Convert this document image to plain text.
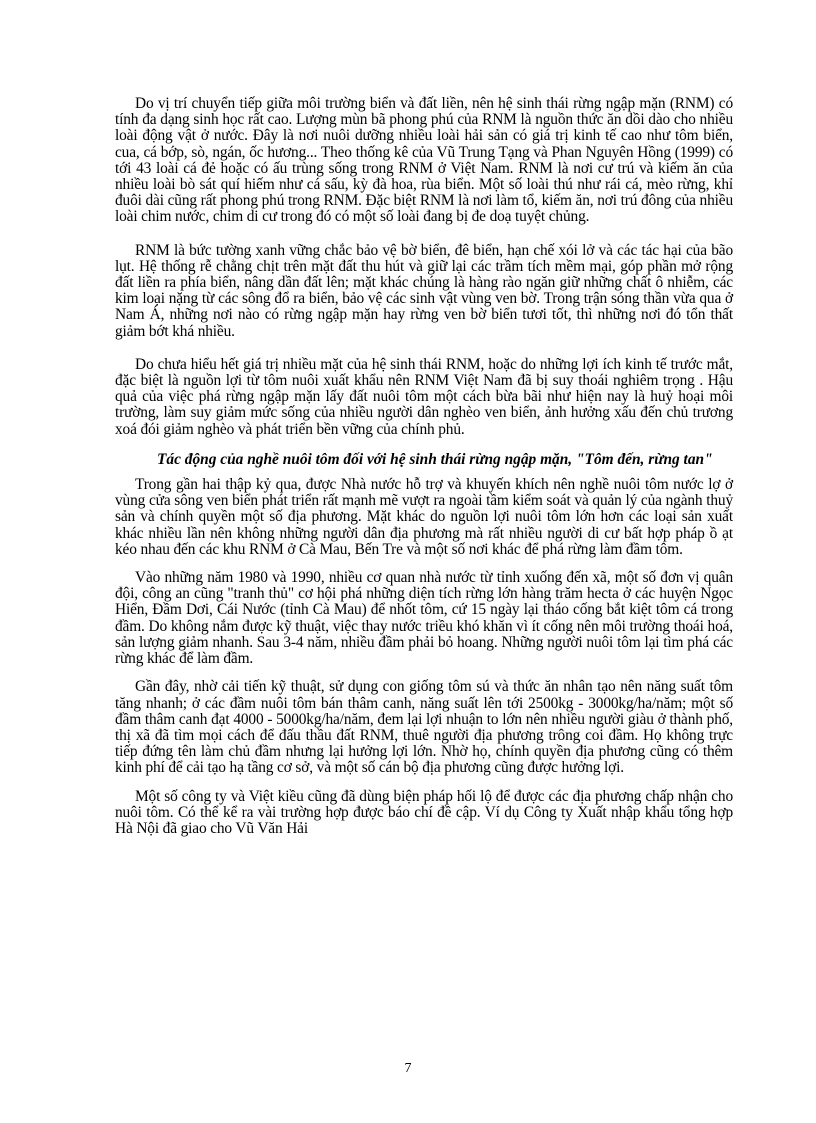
Do vị trí chuyển tiếp giữa môi trường biển và đất liền, nên hệ sinh thái rừng ngập mặn (RNM) có tính đa dạng sinh học rất cao. Lượng mùn bã phong phú của RNM là nguồn thức ăn dồi dào cho nhiều loài động vật ở nước. Đây là nơi nuôi dưỡng nhiều loài hải sản có giá trị kinh tế cao như tôm biển, cua, cá bớp, sò, ngán, ốc hương... Theo thống kê của Vũ Trung Tạng và Phan Nguyên Hồng (1999) có tới 43 loài cá đẻ hoặc có ấu trùng sống trong RNM ở Việt Nam. RNM là nơi cư trú và kiếm ăn của nhiều loài bò sát quí hiếm như cá sấu, kỳ đà hoa, rùa biển. Một số loài thú như rái cá, mèo rừng, khỉ đuôi dài cũng rất phong phú trong RNM. Đặc biệt RNM là nơi làm tổ, kiếm ăn, nơi trú đông của nhiều loài chim nước, chim di cư trong đó có một số loài đang bị đe doạ tuyệt chủng.

RNM là bức tường xanh vững chắc bảo vệ bờ biển, đê biển, hạn chế xói lở và các tác hại của bão lụt. Hệ thống rễ chằng chịt trên mặt đất thu hút và giữ lại các trầm tích mềm mại, góp phần mở rộng đất liền ra phía biển, nâng dần đất lên; mặt khác chúng là hàng rào ngăn giữ những chất ô nhiễm, các kim loại nặng từ các sông đổ ra biển, bảo vệ các sinh vật vùng ven bờ. Trong trận sóng thần vừa qua ở Nam Á, những nơi nào có rừng ngập mặn hay rừng ven bờ biển tươi tốt, thì những nơi đó tổn thất giảm bớt khá nhiều.

Do chưa hiểu hết giá trị nhiều mặt của hệ sinh thái RNM, hoặc do những lợi ích kinh tế trước mắt, đặc biệt là nguồn lợi từ tôm nuôi xuất khẩu nên RNM Việt Nam đã bị suy thoái nghiêm trọng . Hậu quả của việc phá rừng ngập mặn lấy đất nuôi tôm một cách bừa bãi như hiện nay là huỷ hoại môi trường, làm suy giảm mức sống của nhiều người dân nghèo ven biển, ảnh hưởng xấu đến chủ trương xoá đói giảm nghèo và phát triển bền vững của chính phủ.

Tác động của nghề nuôi tôm đối với hệ sinh thái rừng ngập mặn, "Tôm đến, rừng tan"

Trong gần hai thập kỷ qua, được Nhà nước hỗ trợ và khuyến khích nên nghề nuôi tôm nước lợ ở vùng cửa sông ven biển phát triển rất mạnh mẽ vượt ra ngoài tầm kiểm soát và quản lý của ngành thuỷ sản và chính quyền một số địa phương. Mặt khác do nguồn lợi nuôi tôm lớn hơn các loại sản xuất khác nhiều lần nên không những người dân địa phương mà rất nhiều người di cư bất hợp pháp ồ ạt kéo nhau đến các khu RNM ở Cà Mau, Bến Tre và một số nơi khác để phá rừng làm đầm tôm.

Vào những năm 1980 và 1990, nhiều cơ quan nhà nước từ tỉnh xuống đến xã, một số đơn vị quân đội, công an cũng "tranh thủ" cơ hội phá những diện tích rừng lớn hàng trăm hecta ở các huyện Ngọc Hiển, Đầm Dơi, Cái Nước (tỉnh Cà Mau) để nhốt tôm, cứ 15 ngày lại tháo cống bắt kiệt tôm cá trong đầm. Do không nắm được kỹ thuật, việc thay nước triều khó khăn vì ít cống nên môi trường thoái hoá, sản lượng giảm nhanh. Sau 3-4 năm, nhiều đầm phải bỏ hoang. Những người nuôi tôm lại tìm phá các rừng khác để làm đầm.

Gần đây, nhờ cải tiến kỹ thuật, sử dụng con giống tôm sú và thức ăn nhân tạo nên năng suất tôm tăng nhanh; ở các đầm nuôi tôm bán thâm canh, năng suất lên tới 2500kg - 3000kg/ha/năm; một số đầm thâm canh đạt 4000 - 5000kg/ha/năm, đem lại lợi nhuận to lớn nên nhiều người giàu ở thành phố, thị xã đã tìm mọi cách để đấu thầu đất RNM, thuê người địa phương trông coi đầm. Họ không trực tiếp đứng tên làm chủ đầm nhưng lại hưởng lợi lớn. Nhờ họ, chính quyền địa phương cũng có thêm kinh phí để cải tạo hạ tầng cơ sở, và một số cán bộ địa phương cũng được hưởng lợi.

Một số công ty và Việt kiều cũng đã dùng biện pháp hối lộ để được các địa phương chấp nhận cho nuôi tôm. Có thể kể ra vài trường hợp được báo chí đề cập. Ví dụ Công ty Xuất nhập khẩu tổng hợp Hà Nội đã giao cho Vũ Văn Hải

7
